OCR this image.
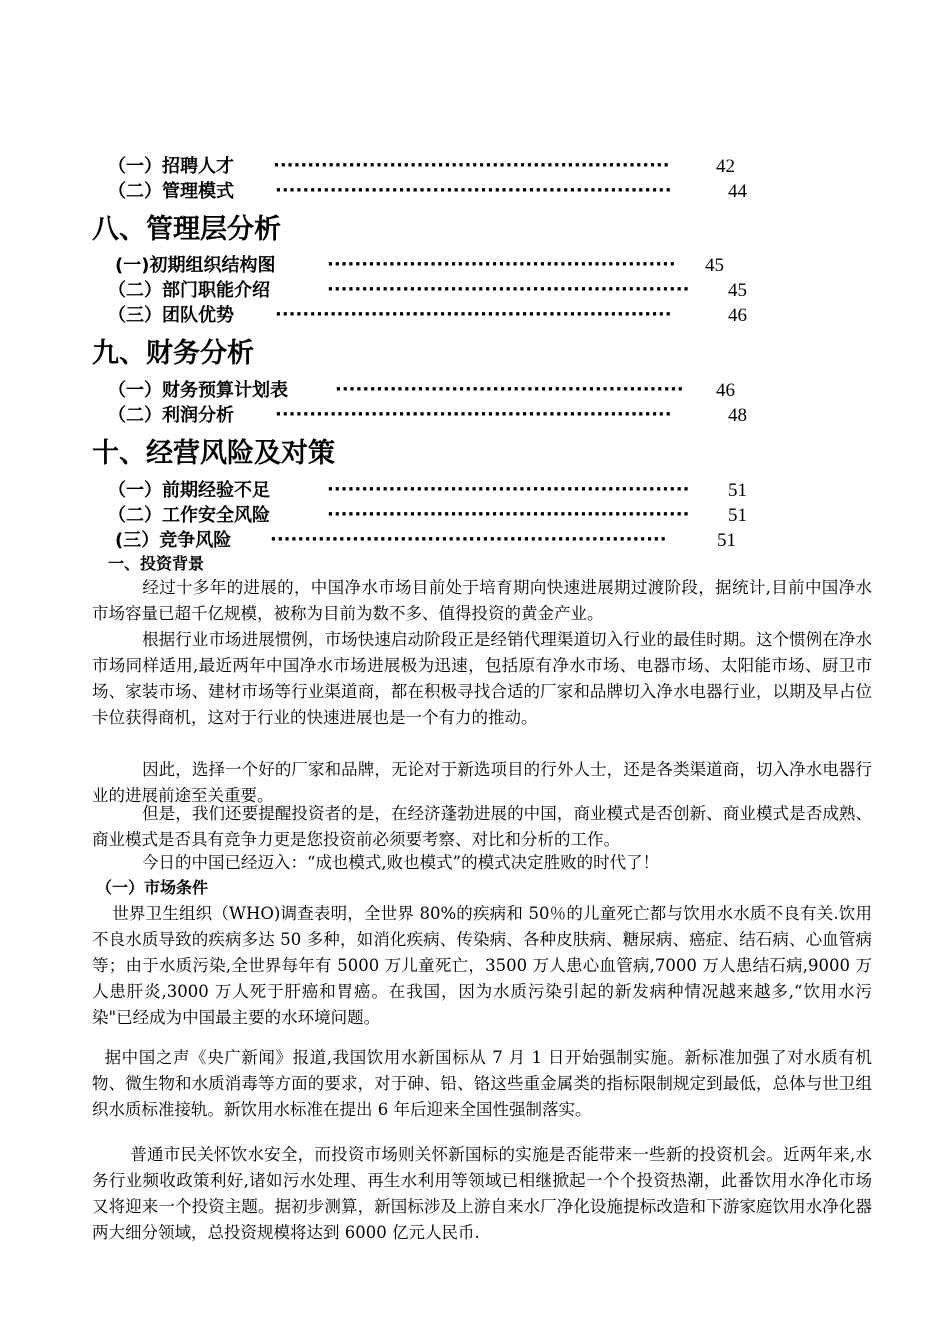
（一）招聘人才 ··························································	42
（二）管理模式 ··························································	44
八、管理层分析
(一)初期组织结构图	···················································	45
（二）部门职能介绍	·····················································	45
（三）团队优势 ··························································	46
九、财务分析
（一）财务预算计划表	···················································	46
（二）利润分析 ··························································	48
十、经营风险及对策
（一）前期经验不足	·····················································	51
（二）工作安全风险	·····················································	51
(三）竞争风险 ··························································	51
一、投资背景
经过十多年的进展的，中国净水市场目前处于培育期向快速进展期过渡阶段，据统计,目前中国净水市场容量已超千亿规模，被称为目前为数不多、值得投资的黄金产业。
根据行业市场进展惯例，市场快速启动阶段正是经销代理渠道切入行业的最佳时期。这个惯例在净水市场同样适用,最近两年中国净水市场进展极为迅速，包括原有净水市场、电器市场、太阳能市场、厨卫市场、家装市场、建材市场等行业渠道商，都在积极寻找合适的厂家和品牌切入净水电器行业，以期及早占位卡位获得商机，这对于行业的快速进展也是一个有力的推动。
因此，选择一个好的厂家和品牌，无论对于新选项目的行外人士，还是各类渠道商，切入净水电器行业的进展前途至关重要。
但是，我们还要提醒投资者的是，在经济蓬勃进展的中国，商业模式是否创新、商业模式是否成熟、商业模式是否具有竞争力更是您投资前必须要考察、对比和分析的工作。
今日的中国已经迈入：“成也模式,败也模式”的模式决定胜败的时代了！
（一）市场条件
世界卫生组织（WHO)调查表明，全世界 80%的疾病和 50％的儿童死亡都与饮用水水质不良有关.饮用不良水质导致的疾病多达 50 多种，如消化疾病、传染病、各种皮肤病、糖尿病、癌症、结石病、心血管病等；由于水质污染,全世界每年有 5000 万儿童死亡，3500 万人患心血管病,7000 万人患结石病,9000 万人患肝炎,3000 万人死于肝癌和胃癌。在我国，因为水质污染引起的新发病种情况越来越多,“饮用水污染"已经成为中国最主要的水环境问题。
据中国之声《央广新闻》报道,我国饮用水新国标从 7 月 1 日开始强制实施。新标准加强了对水质有机物、微生物和水质消毒等方面的要求，对于砷、铅、铬这些重金属类的指标限制规定到最低，总体与世卫组织水质标准接轨。新饮用水标准在提出 6 年后迎来全国性强制落实。
普通市民关怀饮水安全，而投资市场则关怀新国标的实施是否能带来一些新的投资机会。近两年来,水务行业频收政策利好,诸如污水处理、再生水利用等领域已相继掀起一个个投资热潮，此番饮用水净化市场又将迎来一个投资主题。据初步测算，新国标涉及上游自来水厂净化设施提标改造和下游家庭饮用水净化器两大细分领域，总投资规模将达到 6000 亿元人民币.
